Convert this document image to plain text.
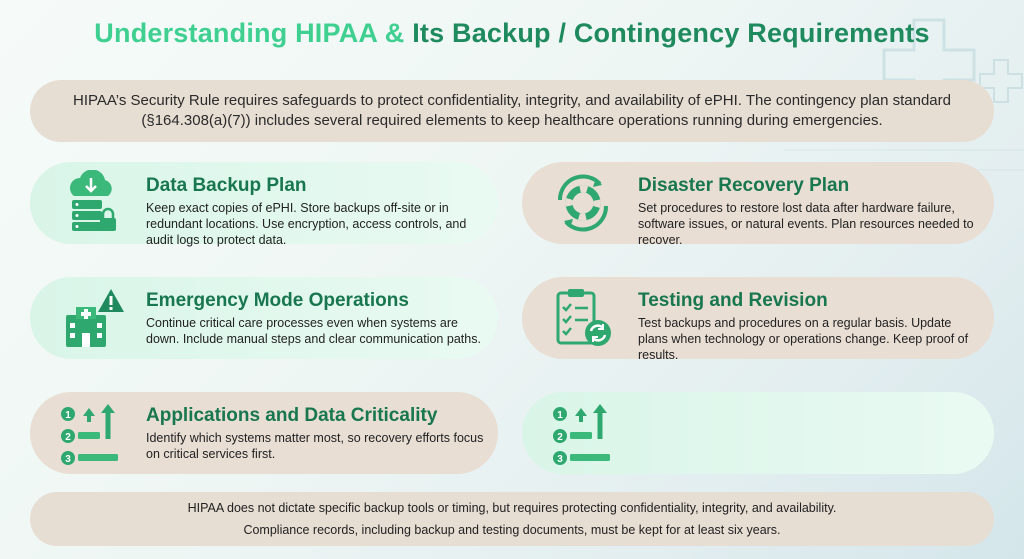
Understanding HIPAA & Its Backup / Contingency Requirements
HIPAA’s Security Rule requires safeguards to protect confidentiality, integrity, and availability of ePHI. The contingency plan standard (§164.308(a)(7)) includes several required elements to keep healthcare operations running during emergencies.
Data Backup Plan
Keep exact copies of ePHI. Store backups off-site or in redundant locations. Use encryption, access controls, and audit logs to protect data.
Disaster Recovery Plan
Set procedures to restore lost data after hardware failure, software issues, or natural events. Plan resources needed to recover.
Emergency Mode Operations
Continue critical care processes even when systems are down. Include manual steps and clear communication paths.
Testing and Revision
Test backups and procedures on a regular basis. Update plans when technology or operations change. Keep proof of results.
1
2
3
Applications and Data Criticality
Identify which systems matter most, so recovery efforts focus on critical services first.
1
2
3
HIPAA does not dictate specific backup tools or timing, but requires protecting confidentiality, integrity, and availability.
Compliance records, including backup and testing documents, must be kept for at least six years.
